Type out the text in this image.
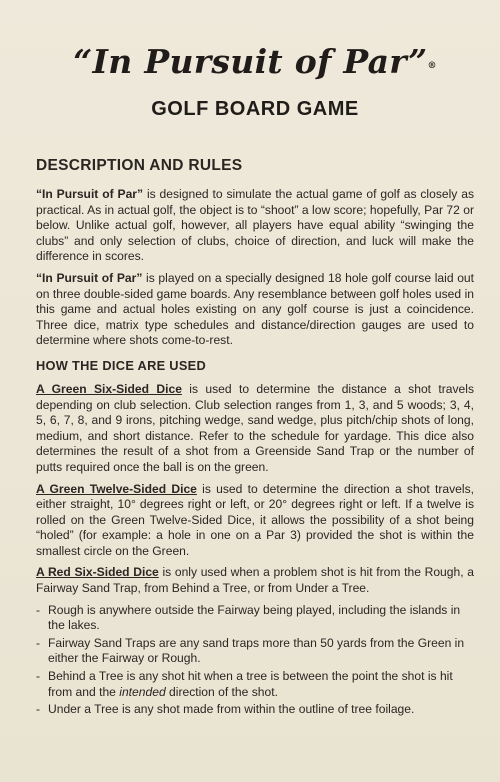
“In Pursuit of Par”®
GOLF BOARD GAME
DESCRIPTION AND RULES

“In Pursuit of Par” is designed to simulate the actual game of golf as closely as practical. As in actual golf, the object is to “shoot” a low score; hopefully, Par 72 or below. Unlike actual golf, however, all players have equal ability “swinging the clubs” and only selection of clubs, choice of direction, and luck will make the difference in scores.

“In Pursuit of Par” is played on a specially designed 18 hole golf course laid out on three double-sided game boards. Any resemblance between golf holes used in this game and actual holes existing on any golf course is just a coincidence. Three dice, matrix type schedules and distance/direction gauges are used to determine where shots come-to-rest.

HOW THE DICE ARE USED

A Green Six-Sided Dice is used to determine the distance a shot travels depending on club selection. Club selection ranges from 1, 3, and 5 woods; 3, 4, 5, 6, 7, 8, and 9 irons, pitching wedge, sand wedge, plus pitch/chip shots of long, medium, and short distance. Refer to the schedule for yardage. This dice also determines the result of a shot from a Greenside Sand Trap or the number of putts required once the ball is on the green.

A Green Twelve-Sided Dice is used to determine the direction a shot travels, either straight, 10° degrees right or left, or 20° degrees right or left. If a twelve is rolled on the Green Twelve-Sided Dice, it allows the possibility of a shot being “holed” (for example: a hole in one on a Par 3) provided the shot is within the smallest circle on the Green.

A Red Six-Sided Dice is only used when a problem shot is hit from the Rough, a Fairway Sand Trap, from Behind a Tree, or from Under a Tree.

- Rough is anywhere outside the Fairway being played, including the islands in the lakes.
- Fairway Sand Traps are any sand traps more than 50 yards from the Green in either the Fairway or Rough.
- Behind a Tree is any shot hit when a tree is between the point the shot is hit from and the intended direction of the shot.
- Under a Tree is any shot made from within the outline of tree foilage.
